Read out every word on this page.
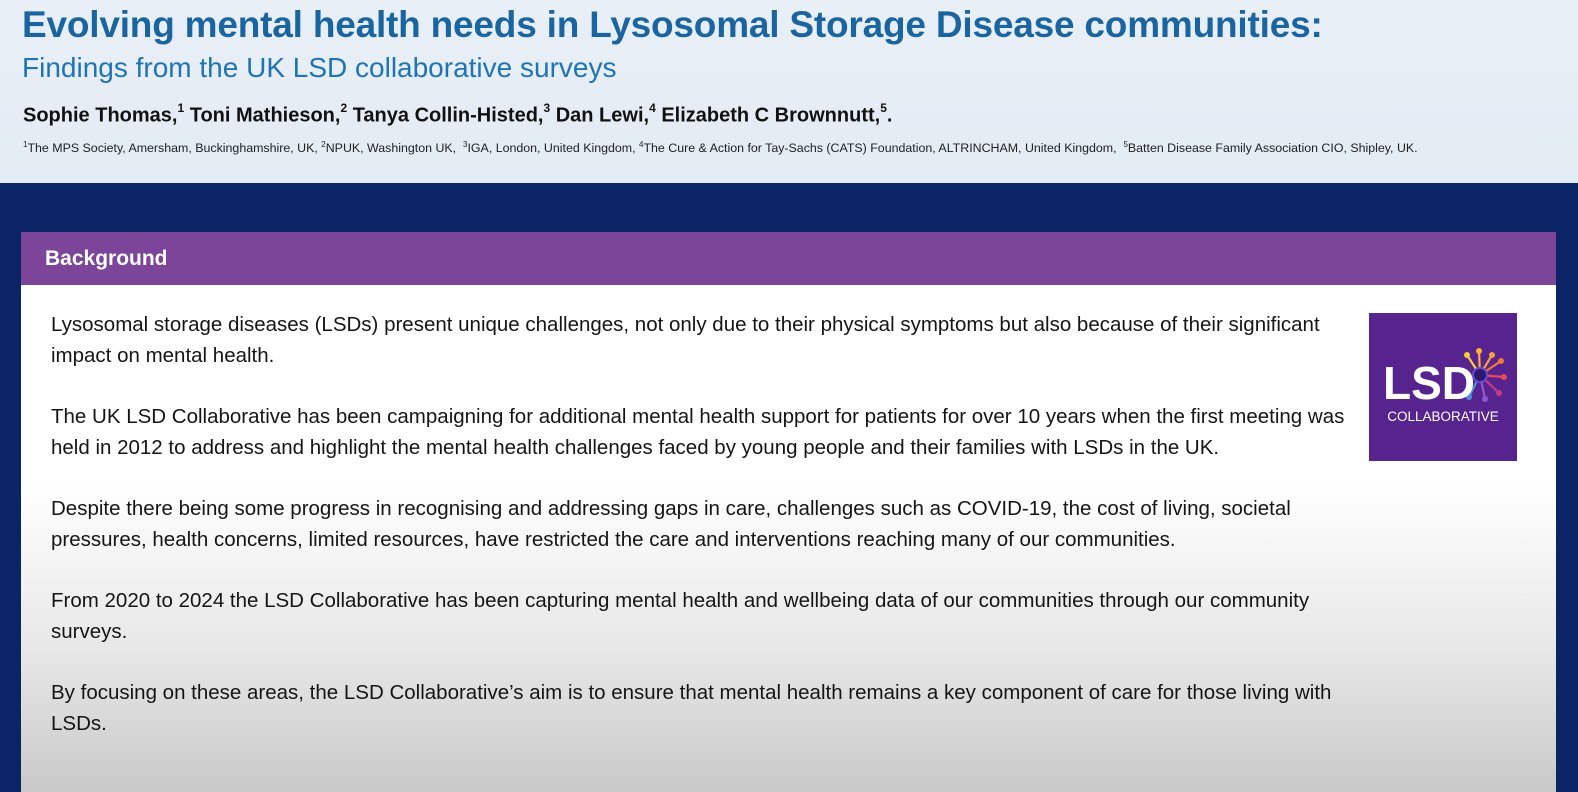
Evolving mental health needs in Lysosomal Storage Disease communities:
Findings from the UK LSD collaborative surveys

Sophie Thomas,$^1$ Toni Mathieson,$^2$ Tanya Collin-Histed,$^3$ Dan Lewi,$^4$ Elizabeth C Brownnutt,$^5$.

$^1$The MPS Society, Amersham, Buckinghamshire, UK, $^2$NPUK, Washington UK, $^3$IGA, London, United Kingdom, $^4$The Cure & Action for Tay-Sachs (CATS) Foundation, ALTRINCHAM, United Kingdom, $^5$Batten Disease Family Association CIO, Shipley, UK.

Background

Lysosomal storage diseases (LSDs) present unique challenges, not only due to their physical symptoms but also because of their significant impact on mental health.

The UK LSD Collaborative has been campaigning for additional mental health support for patients for over 10 years when the first meeting was held in 2012 to address and highlight the mental health challenges faced by young people and their families with LSDs in the UK.

Despite there being some progress in recognising and addressing gaps in care, challenges such as COVID-19, the cost of living, societal pressures, health concerns, limited resources, have restricted the care and interventions reaching many of our communities.

From 2020 to 2024 the LSD Collaborative has been capturing mental health and wellbeing data of our communities through our community surveys.

By focusing on these areas, the LSD Collaborative’s aim is to ensure that mental health remains a key component of care for those living with LSDs.

LSD
COLLABORATIVE
